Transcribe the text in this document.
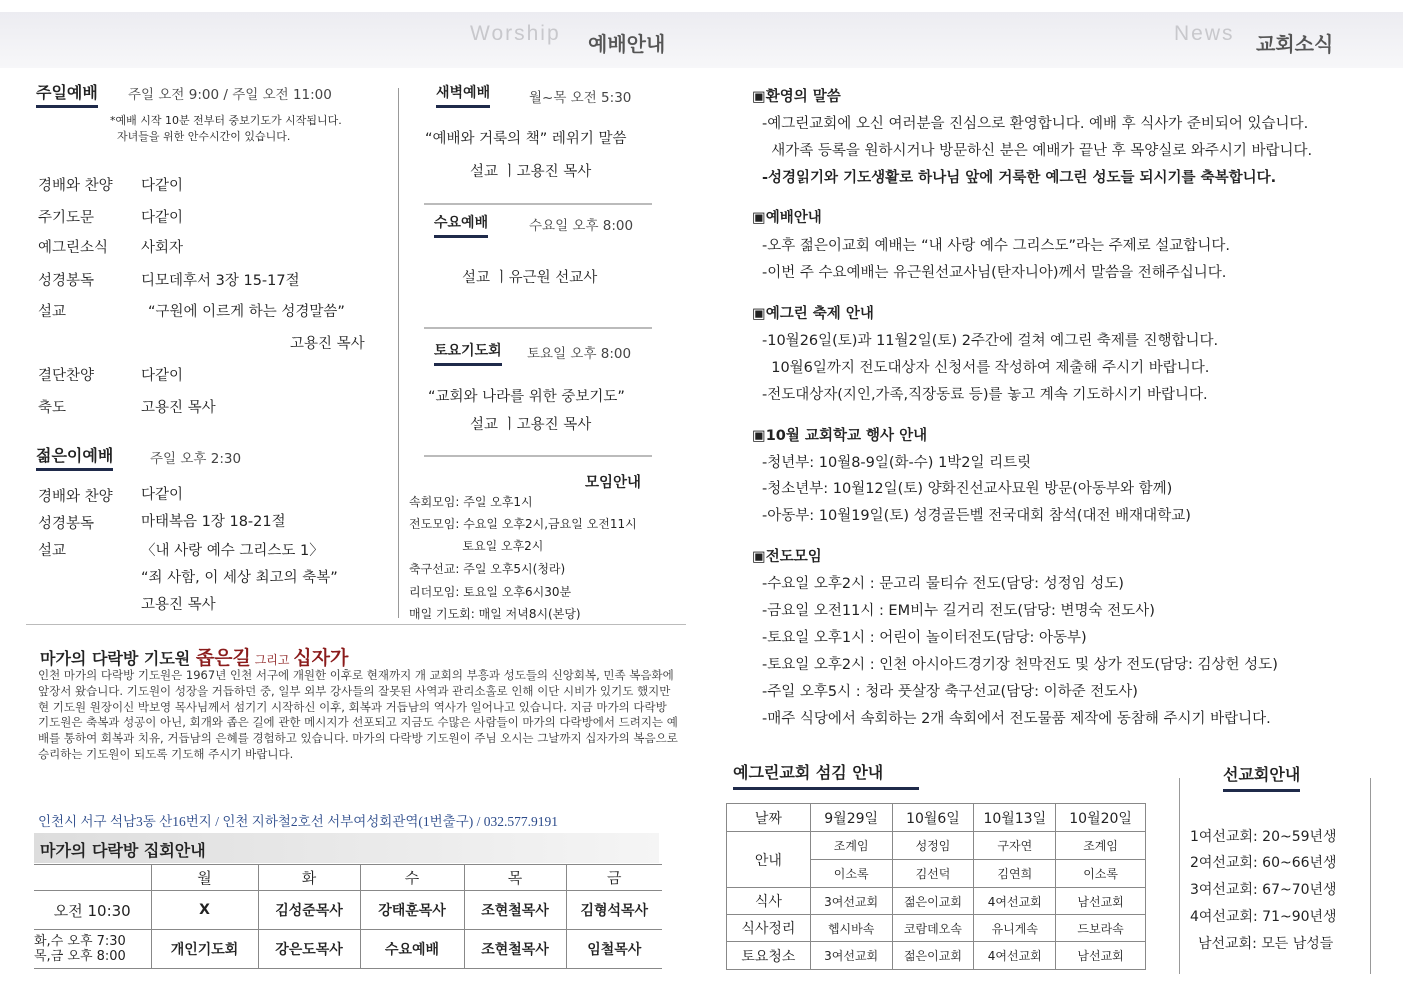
Worship 예배안내	News 교회소식
주일예배 주일 오전 9:00 / 주일 오전 11:00
*예배 시작 10분 전부터 중보기도가 시작됩니다.
자녀들을 위한 안수시간이 있습니다.
경배와 찬양 다같이
주기도문	다같이
예그린소식 사회자
성경봉독	디모데후서 3장 15-17절
설교	“구원에 이르게 하는 성경말씀”
고용진 목사
결단찬양	다같이
축도	고용진 목사
젊은이예배	주일 오후 2:30
경배와 찬양 다같이
성경봉독	마태복음 1장 18-21절
설교	〈내 사랑 예수 그리스도 1〉
“죄 사함, 이 세상 최고의 축복”
고용진 목사
새벽예배	월~목 오전 5:30
“예배와 거룩의 책” 레위기 말씀
설교 ㅣ고용진 목사
수요예배	수요일 오후 8:00
설교 ㅣ유근원 선교사
토요기도회 토요일 오후 8:00
“교회와 나라를 위한 중보기도”
설교 ㅣ고용진 목사
모임안내
속회모임: 주일 오후1시
전도모임: 수요일 오후2시,금요일 오전11시
토요일 오후2시
축구선교: 주일 오후5시(청라)
리더모임: 토요일 오후6시30분
매일 기도회: 매일 저녁8시(본당)
마가의 다락방 기도원 좁은길 그리고 십자가
인천 마가의 다락방 기도원은 1967년 인천 서구에 개원한 이후로 현재까지 개 교회의 부흥과 성도들의 신앙회복, 민족 복음화에 앞장서 왔습니다. 기도원이 성장을 거듭하던 중, 일부 외부 강사들의 잘못된 사역과 관리소홀로 인해 이단 시비가 있기도 했지만 현 기도원 원장이신 박보영 목사님께서 섬기기 시작하신 이후, 회복과 거듭남의 역사가 일어나고 있습니다. 지금 마가의 다락방 기도원은 축복과 성공이 아닌, 회개와 좁은 길에 관한 메시지가 선포되고 지금도 수많은 사람들이 마가의 다락방에서 드려지는 예배를 통하여 회복과 치유, 거듭남의 은혜를 경험하고 있습니다. 마가의 다락방 기도원이 주님 오시는 그날까지 십자가의 복음으로 승리하는 기도원이 되도록 기도해 주시기 바랍니다.
인천시 서구 석남3동 산16번지 / 인천 지하철2호선 서부여성회관역(1번출구) / 032.577.9191
마가의 다락방 집회안내
	월	화	수	목	금
오전 10:30	X	김성준목사	강태훈목사	조현철목사	김형석목사
화,수 오후 7:30
목,금 오후 8:00	개인기도회	강은도목사	수요예배	조현철목사	임철목사
▣환영의 말씀
-예그린교회에 오신 여러분을 진심으로 환영합니다. 예배 후 식사가 준비되어 있습니다.
새가족 등록을 원하시거나 방문하신 분은 예배가 끝난 후 목양실로 와주시기 바랍니다.
-성경읽기와 기도생활로 하나님 앞에 거룩한 예그린 성도들 되시기를 축복합니다.
▣예배안내
-오후 젊은이교회 예배는 “내 사랑 예수 그리스도”라는 주제로 설교합니다.
-이번 주 수요예배는 유근원선교사님(탄자니아)께서 말씀을 전해주십니다.
▣예그린 축제 안내
-10월26일(토)과 11월2일(토) 2주간에 걸쳐 예그린 축제를 진행합니다.
10월6일까지 전도대상자 신청서를 작성하여 제출해 주시기 바랍니다.
-전도대상자(지인,가족,직장동료 등)를 놓고 계속 기도하시기 바랍니다.
▣10월 교회학교 행사 안내
-청년부: 10월8-9일(화-수) 1박2일 리트릿
-청소년부: 10월12일(토) 양화진선교사묘원 방문(아동부와 함께)
-아동부: 10월19일(토) 성경골든벨 전국대회 참석(대전 배재대학교)
▣전도모임
-수요일 오후2시 : 문고리 물티슈 전도(담당: 성정임 성도)
-금요일 오전11시 : EM비누 길거리 전도(담당: 변명숙 전도사)
-토요일 오후1시 : 어린이 놀이터전도(담당: 아동부)
-토요일 오후2시 : 인천 아시아드경기장 천막전도 및 상가 전도(담당: 김상헌 성도)
-주일 오후5시 : 청라 풋살장 축구선교(담당: 이하준 전도사)
-매주 식당에서 속회하는 2개 속회에서 전도물품 제작에 동참해 주시기 바랍니다.
예그린교회 섬김 안내
날짜	9월29일	10월6일	10월13일	10월20일
안내	조계임	성정임	구자연	조계임
	이소록	김선덕	김연희	이소록
식사	3여선교회	젊은이교회	4여선교회	남선교회
식사정리	헵시바속	코람데오속	유니게속	드보라속
토요청소	3여선교회	젊은이교회	4여선교회	남선교회
선교회안내
1여선교회: 20~59년생
2여선교회: 60~66년생
3여선교회: 67~70년생
4여선교회: 71~90년생
남선교회: 모든 남성들
